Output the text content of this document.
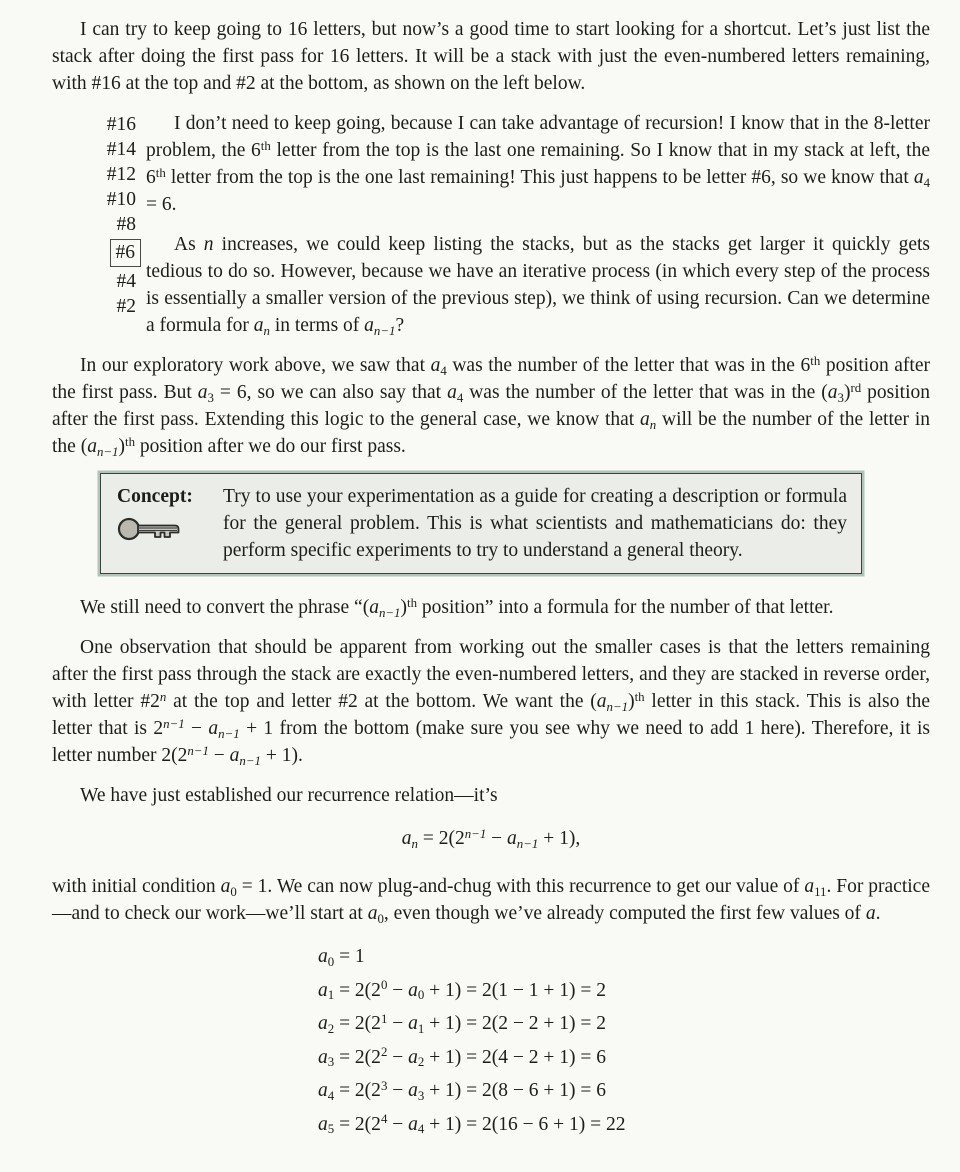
I can try to keep going to 16 letters, but now’s a good time to start looking for a shortcut. Let’s just list the stack after doing the first pass for 16 letters. It will be a stack with just the even-numbered letters remaining, with #16 at the top and #2 at the bottom, as shown on the left below.

#16
#14
#12
#10
#8
#6
#4
#2

I don’t need to keep going, because I can take advantage of recursion! I know that in the 8-letter problem, the 6th letter from the top is the last one remaining. So I know that in my stack at left, the 6th letter from the top is the one last remaining! This just happens to be letter #6, so we know that $a_4 = 6$.

As n increases, we could keep listing the stacks, but as the stacks get larger it quickly gets tedious to do so. However, because we have an iterative process (in which every step of the process is essentially a smaller version of the previous step), we think of using recursion. Can we determine a formula for $a_n$ in terms of $a_{n-1}$?

In our exploratory work above, we saw that $a_4$ was the number of the letter that was in the 6th position after the first pass. But $a_3 = 6$, so we can also say that $a_4$ was the number of the letter that was in the $(a_3)^{rd}$ position after the first pass. Extending this logic to the general case, we know that $a_n$ will be the number of the letter in the $(a_{n-1})^{th}$ position after we do our first pass.

Concept:	Try to use your experimentation as a guide for creating a description or formula for the general problem. This is what scientists and mathematicians do: they perform specific experiments to try to understand a general theory.

We still need to convert the phrase “$(a_{n-1})^{th}$ position” into a formula for the number of that letter.

One observation that should be apparent from working out the smaller cases is that the letters remaining after the first pass through the stack are exactly the even-numbered letters, and they are stacked in reverse order, with letter #2$^n$ at the top and letter #2 at the bottom. We want the $(a_{n-1})^{th}$ letter in this stack. This is also the letter that is $2^{n-1} - a_{n-1} + 1$ from the bottom (make sure you see why we need to add 1 here). Therefore, it is letter number $2(2^{n-1} - a_{n-1} + 1)$.

We have just established our recurrence relation—it’s

$a_n = 2(2^{n-1} - a_{n-1} + 1)$,

with initial condition $a_0 = 1$. We can now plug-and-chug with this recurrence to get our value of $a_{11}$. For practice—and to check our work—we’ll start at $a_0$, even though we’ve already computed the first few values of a.

$a_0 = 1$
$a_1 = 2(2^0 - a_0 + 1) = 2(1 - 1 + 1) = 2$
$a_2 = 2(2^1 - a_1 + 1) = 2(2 - 2 + 1) = 2$
$a_3 = 2(2^2 - a_2 + 1) = 2(4 - 2 + 1) = 6$
$a_4 = 2(2^3 - a_3 + 1) = 2(8 - 6 + 1) = 6$
$a_5 = 2(2^4 - a_4 + 1) = 2(16 - 6 + 1) = 22$
